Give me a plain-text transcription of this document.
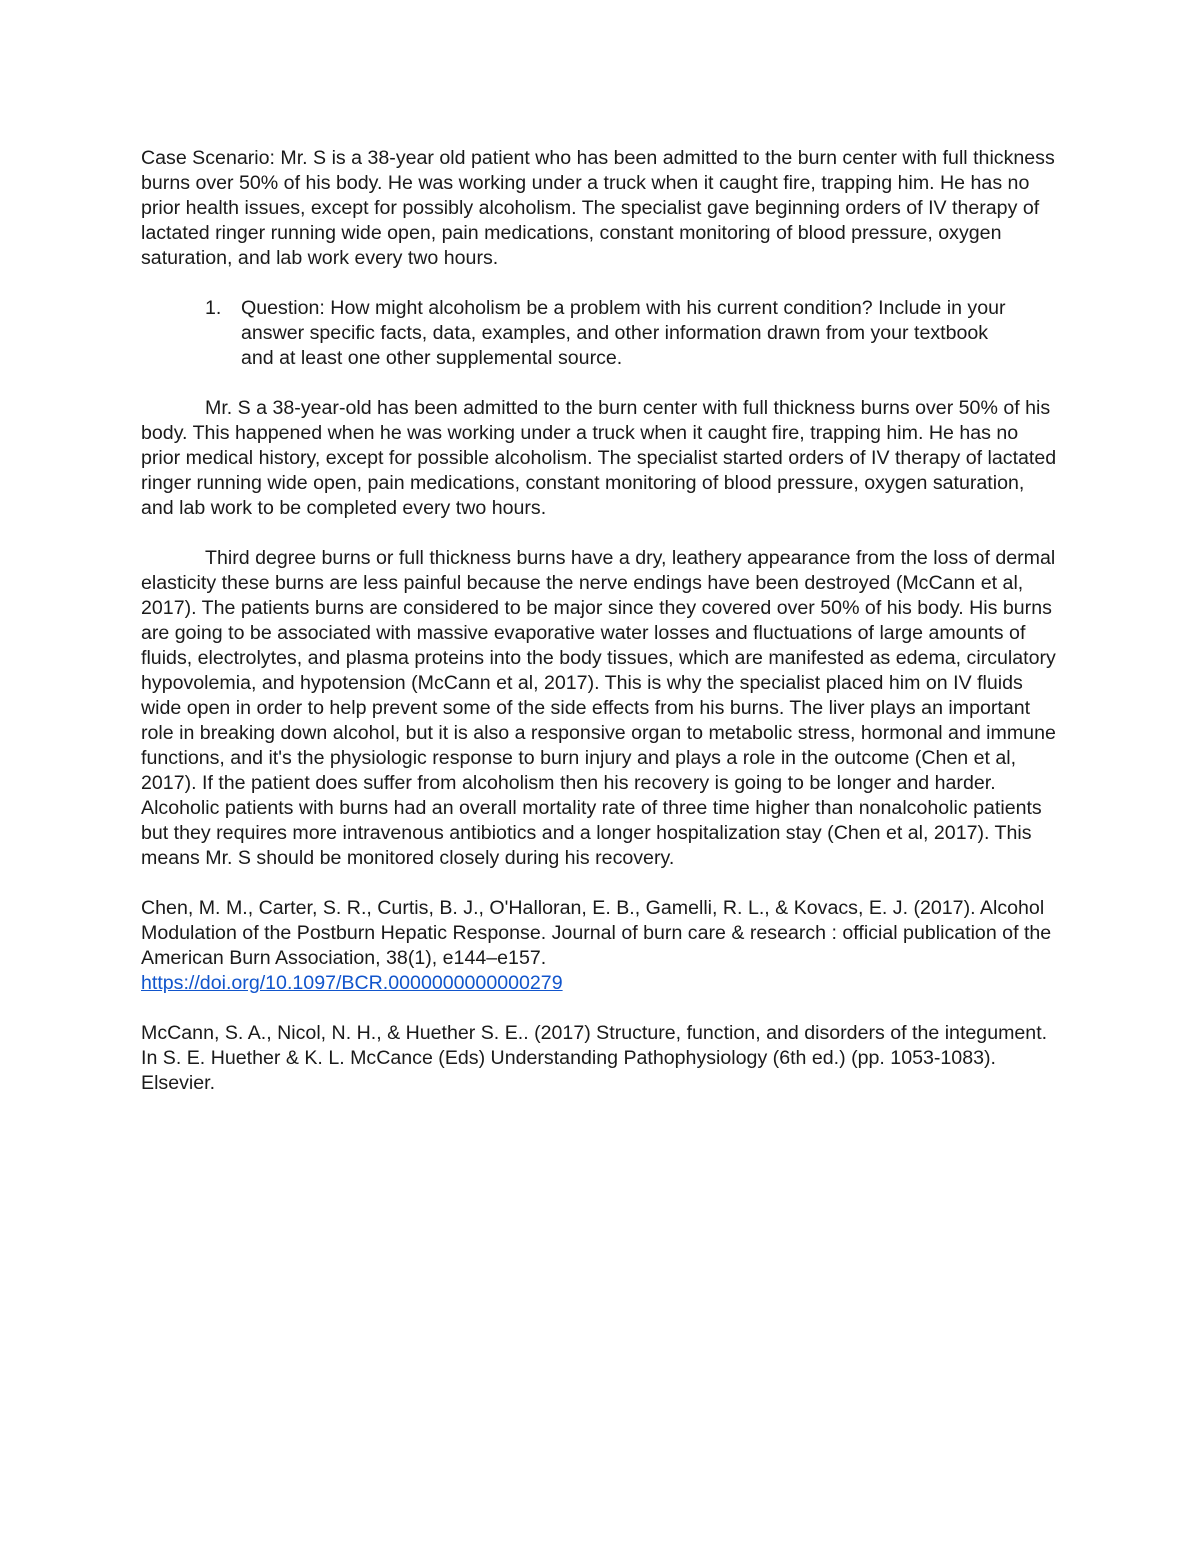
Case Scenario: Mr. S is a 38-year old patient who has been admitted to the burn center with full thickness burns over 50% of his body. He was working under a truck when it caught fire, trapping him. He has no prior health issues, except for possibly alcoholism. The specialist gave beginning orders of IV therapy of lactated ringer running wide open, pain medications, constant monitoring of blood pressure, oxygen saturation, and lab work every two hours.

1.	Question: How might alcoholism be a problem with his current condition? Include in your answer specific facts, data, examples, and other information drawn from your textbook and at least one other supplemental source.

Mr. S a 38-year-old has been admitted to the burn center with full thickness burns over 50% of his body. This happened when he was working under a truck when it caught fire, trapping him. He has no prior medical history, except for possible alcoholism. The specialist started orders of IV therapy of lactated ringer running wide open, pain medications, constant monitoring of blood pressure, oxygen saturation, and lab work to be completed every two hours.

Third degree burns or full thickness burns have a dry, leathery appearance from the loss of dermal elasticity these burns are less painful because the nerve endings have been destroyed (McCann et al, 2017). The patients burns are considered to be major since they covered over 50% of his body. His burns are going to be associated with massive evaporative water losses and fluctuations of large amounts of fluids, electrolytes, and plasma proteins into the body tissues, which are manifested as edema, circulatory hypovolemia, and hypotension (McCann et al, 2017). This is why the specialist placed him on IV fluids wide open in order to help prevent some of the side effects from his burns. The liver plays an important role in breaking down alcohol, but it is also a responsive organ to metabolic stress, hormonal and immune functions, and it's the physiologic response to burn injury and plays a role in the outcome (Chen et al, 2017). If the patient does suffer from alcoholism then his recovery is going to be longer and harder. Alcoholic patients with burns had an overall mortality rate of three time higher than nonalcoholic patients but they requires more intravenous antibiotics and a longer hospitalization stay (Chen et al, 2017). This means Mr. S should be monitored closely during his recovery.

Chen, M. M., Carter, S. R., Curtis, B. J., O'Halloran, E. B., Gamelli, R. L., & Kovacs, E. J. (2017). Alcohol Modulation of the Postburn Hepatic Response. Journal of burn care & research : official publication of the American Burn Association, 38(1), e144–e157.
https://doi.org/10.1097/BCR.0000000000000279

McCann, S. A., Nicol, N. H., & Huether S. E.. (2017) Structure, function, and disorders of the integument. In S. E. Huether & K. L. McCance (Eds) Understanding Pathophysiology (6th ed.) (pp. 1053-1083). Elsevier.
